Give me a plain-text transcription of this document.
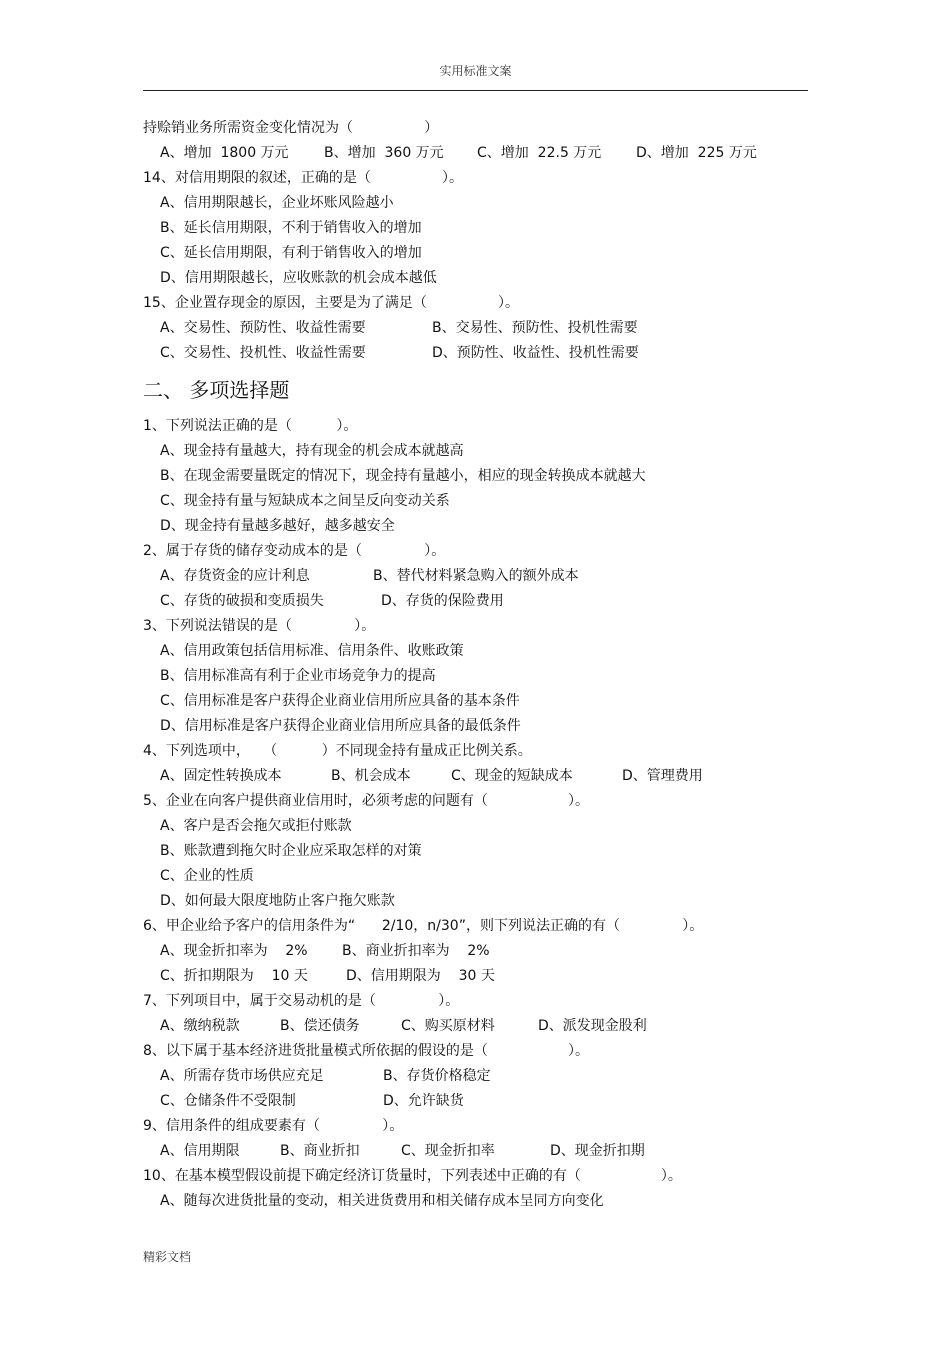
实用标准文案
持赊销业务所需资金变化情况为（                ）

A、增加  1800 万元

	B、增加  360 万元

C、增加  22.5 万元

D、增加  225 万元

14、对信用期限的叙述，正确的是（                ）。
A、信用期限越长，企业坏账风险越小
B、延长信用期限，不利于销售收入的增加
C、延长信用期限，有利于销售收入的增加
D、信用期限越长，应收账款的机会成本越低
15、企业置存现金的原因，主要是为了满足（                ）。

A、交易性、预防性、收益性需要

	B、交易性、预防性、投机性需要

C、交易性、投机性、收益性需要

	D、预防性、收益性、投机性需要

二、 多项选择题
1、下列说法正确的是（          ）。
A、现金持有量越大，持有现金的机会成本就越高
B、在现金需要量既定的情况下，现金持有量越小，相应的现金转换成本就越大
C、现金持有量与短缺成本之间呈反向变动关系
D、现金持有量越多越好，越多越安全
2、属于存货的储存变动成本的是（              ）。

A、存货资金的应计利息

	B、替代材料紧急购入的额外成本

C、存货的破损和变质损失

	D、存货的保险费用

3、下列说法错误的是（              ）。
A、信用政策包括信用标准、信用条件、收账政策
B、信用标准高有利于企业市场竞争力的提高
C、信用标准是客户获得企业商业信用所应具备的基本条件
D、信用标准是客户获得企业商业信用所应具备的最低条件
4、下列选项中，   （          ）不同现金持有量成正比例关系。

A、固定性转换成本

	B、机会成本

	C、现金的短缺成本

	D、管理费用

5、企业在向客户提供商业信用时，必须考虑的问题有（                  ）。
A、客户是否会拖欠或拒付账款
B、账款遭到拖欠时企业应采取怎样的对策
C、企业的性质
D、如何最大限度地防止客户拖欠账款
6、甲企业给予客户的信用条件为“      2/10，n/30”，则下列说法正确的有（              ）。

A、现金折扣率为    2%

B、商业折扣率为    2%

C、折扣期限为    10 天

	D、信用期限为    30 天

7、下列项目中，属于交易动机的是（              ）。

A、缴纳税款

	B、偿还债务

	C、购买原材料

	D、派发现金股利

8、以下属于基本经济进货批量模式所依据的假设的是（                  ）。

A、所需存货市场供应充足

	B、存货价格稳定

C、仓储条件不受限制

	D、允许缺货

9、信用条件的组成要素有（              ）。

A、信用期限

	B、商业折扣

	C、现金折扣率

	D、现金折扣期

10、在基本模型假设前提下确定经济订货量时，下列表述中正确的有（                  ）。
A、随每次进货批量的变动，相关进货费用和相关储存成本呈同方向变化
精彩文档
